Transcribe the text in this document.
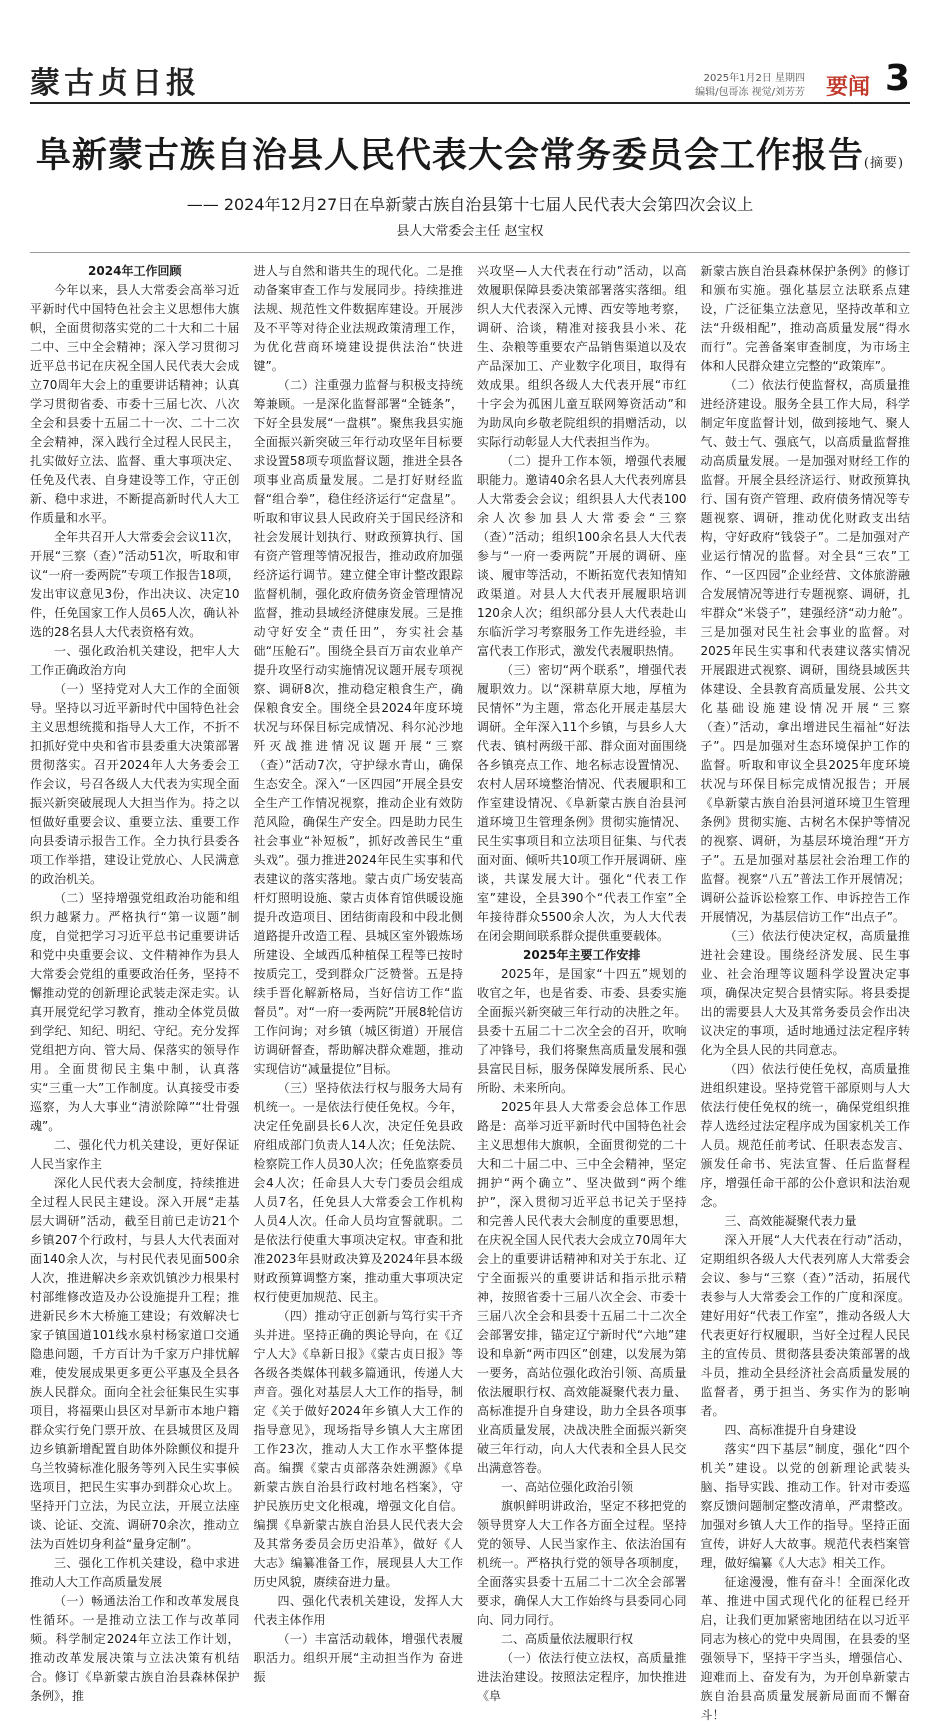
蒙古贞日报	2025年1月2日 星期四
编辑/包哥冻 视觉/刘芳芳 要闻 3
阜新蒙古族自治县人民代表大会常务委员会工作报告(摘要)
—— 2024年12月27日在阜新蒙古族自治县第十七届人民代表大会第四次会议上
县人大常委会主任 赵宝权
2024年工作回顾

今年以来，县人大常委会高举习近平新时代中国特色社会主义思想伟大旗帜，全面贯彻落实党的二十大和二十届二中、三中全会精神；深入学习贯彻习近平总书记在庆祝全国人民代表大会成立70周年大会上的重要讲话精神；认真学习贯彻省委、市委十三届七次、八次全会和县委十五届二十一次、二十二次全会精神，深入践行全过程人民民主，扎实做好立法、监督、重大事项决定、任免及代表、自身建设等工作，守正创新、稳中求进，不断提高新时代人大工作质量和水平。

全年共召开人大常委会会议11次，开展“三察（查）”活动51次，听取和审议“一府一委两院”专项工作报告18项，发出审议意见3份，作出决议、决定10件，任免国家工作人员65人次，确认补选的28名县人大代表资格有效。

一、强化政治机关建设，把牢人大工作正确政治方向

（一）坚持党对人大工作的全面领导。坚持以习近平新时代中国特色社会主义思想统揽和指导人大工作，不折不扣抓好党中央和省市县委重大决策部署贯彻落实。召开2024年人大务委会工作会议，号召各级人大代表为实现全面振兴新突破展现人大担当作为。持之以恒做好重要会议、重要立法、重要工作向县委请示报告工作。全力执行县委各项工作举措，建设让党放心、人民满意的政治机关。

（二）坚持增强党组政治功能和组织力越紧力。严格执行“第一议题”制度，自觉把学习习近平总书记重要讲话和党中央重要会议、文件精神作为县人大常委会党组的重要政治任务，坚持不懈推动党的创新理论武装走深走实。认真开展党纪学习教育，推动全体党员做到学纪、知纪、明纪、守纪。充分发挥党组把方向、管大局、保落实的领导作用。全面贯彻民主集中制，认真落实“三重一大”工作制度。认真接受市委巡察，为人大事业“清淤除障”“壮骨强魂”。

二、强化代力机关建设，更好保证人民当家作主

深化人民代表大会制度，持续推进全过程人民民主建设。深入开展“走基层大调研”活动，截至目前已走访21个乡镇207个行政村，与县人大代表面对面140余人次，与村民代表见面500余人次，推进解决乡亲欢饥镇沙力根果村村部维修改造及办公设施提升工程；推进新民乡木大桥施工建设；有效解决七家子镇国道101线水泉村杨家道口交通隐患问题，千方百计为千家万户排忧解难，使发展成果更多更公平惠及全县各族人民群众。面向全社会征集民生实事项目，将福栗山县区对旱新市本地户籍群众实行免门票开放、在县城贯区及周边乡镇新增配置自助体外除颤仪和提升乌兰牧骑标准化服务等列入民生实事候选项目，把民生实事办到群众心坎上。坚持开门立法，为民立法，开展立法座谈、论证、交流、调研70余次，推动立法为百姓切身利益“量身定制”。

三、强化工作机关建设，稳中求进推动人大工作高质量发展

（一）畅通法治工作和改革发展良性循环。一是推动立法工作与改革同频。科学制定2024年立法工作计划，推动改革发展决策与立法决策有机结合。修订《阜新蒙古族自治县森林保护条例》，推

进人与自然和谐共生的现代化。二是推动备案审查工作与发展同步。持续推进法规、规范性文件数据库建设。开展涉及不平等对待企业法规政策清理工作，为优化营商环境建设提供法治“快进键”。

（二）注重强力监督与积极支持统筹兼顾。一是深化监督部署“全链条”，下好全县发展“一盘棋”。聚焦我县实施全面振兴新突破三年行动攻坚年目标要求设置58项专项监督议题，推进全县各项事业高质量发展。二是打好财经监督“组合拳”，稳住经济运行“定盘星”。听取和审议县人民政府关于国民经济和社会发展计划执行、财政预算执行、国有资产管理等情况报告，推动政府加强经济运行调节。建立健全审计整改跟踪监督机制，强化政府债务资金管理情况监督，推动县域经济健康发展。三是推动守好安全“责任田”，夯实社会基础“压舱石”。围绕全县百万亩农业单产提升攻坚行动实施情况议题开展专项视察、调研8次，推动稳定粮食生产，确保粮食安全。围绕全县2024年度环境状况与环保目标完成情况、科尔沁沙地歼灭战推进情况议题开展“三察（查）”活动7次，守护绿水青山，确保生态安全。深入“一区四园”开展全县安全生产工作情况视察，推动企业有效防范风险，确保生产安全。四是助力民生社会事业“补短板”，抓好改善民生“重头戏”。强力推进2024年民生实事和代表建议的落实落地。蒙古贞广场安装高杆灯照明设施、蒙古贞体育馆供暖设施提升改造项目、团结街南段和中段北侧道路提升改造工程、县城区室外锻炼场所建设、全域西瓜种植保工程等已按时按质完工，受到群众广泛赞誉。五是持续手晋化解新格局，当好信访工作“监督员”。对“一府一委两院”开展8轮信访工作问询；对乡镇（城区街道）开展信访调研督查，帮助解决群众难题，推动实现信访“减量提位”目标。

（三）坚持依法行权与服务大局有机统一。一是依法行使任免权。今年，决定任免副县长6人次，决定任免县政府组成部门负责人14人次；任免法院、检察院工作人员30人次；任免监察委员会4人次；任命县人大专门委员会组成人员7名，任免县人大常委会工作机构人员4人次。任命人员均宣誓就职。二是依法行使重大事项决定权。审查和批准2023年县财政决算及2024年县本级财政预算调整方案，推动重大事项决定权行使更加规范、民主。

（四）推动守正创新与笃行实干齐头并进。坚持正确的舆论导向，在《辽宁人大》《阜新日报》《蒙古贞日报》等各级各类媒体刊载多篇通讯，传递人大声音。强化对基层人大工作的指导，制定《关于做好2024年乡镇人大工作的指导意见》，现场指导乡镇人大主席团工作23次，推动人大工作水平整体提高。编撰《蒙古贞部落杂姓溯源》《阜新蒙古族自治县行政村地名档案》，守护民族历史文化根魂，增强文化自信。编撰《阜新蒙古族自治县人民代表大会及其常务委员会历史沿革》，做好《人大志》编纂准备工作，展现县人大工作历史风貌，赓续奋进力量。

四、强化代表机关建设，发挥人大代表主体作用

（一）丰富活动载体，增强代表履职活力。组织开展“主动担当作为 奋进振

兴攻坚—人大代表在行动”活动，以高效履职保障县委决策部署落实落细。组织人大代表深入元博、西安等地考察，调研、洽谈，精准对接我县小米、花生、杂粮等重要农产品销售渠道以及农产品深加工、产业数字化项目，取得有效成果。组织各级人大代表开展“市红十字会为孤困儿童互联网筹资活动”和为助凤向乡敬老院组织的捐赠活动，以实际行动彰显人大代表担当作为。

（二）提升工作本领，增强代表履职能力。邀请40余名县人大代表列席县人大常委会会议；组织县人大代表100余人次参加县人大常委会“三察（查）”活动；组织100余名县人大代表参与“一府一委两院”开展的调研、座谈、履审等活动，不断拓宽代表知情知政渠道。对县人大代表开展履职培训120余人次；组织部分县人大代表赴山东临沂学习考察服务工作先进经验，丰富代表工作形式，激发代表履职热情。

（三）密切“两个联系”，增强代表履职效力。以“深耕草原大地，厚植为民情怀”为主题，常态化开展走基层大调研。全年深入11个乡镇，与县乡人大代表、镇村两级干部、群众面对面围绕各乡镇亮点工作、地名标志设置情况、农村人居环境整治情况、代表履职和工作室建设情况、《阜新蒙古族自治县河道环境卫生管理条例》贯彻实施情况、民生实事项目和立法项目征集、与代表面对面、倾听共10项工作开展调研、座谈，共谋发展大计。强化“代表工作室”建设，全县390个“代表工作室”全年接待群众5500余人次，为人大代表在闭会期间联系群众提供重要载体。

2025年主要工作安排

2025年，是国家“十四五”规划的收官之年，也是省委、市委、县委实施全面振兴新突破三年行动的决胜之年。县委十五届二十二次全会的召开，吹响了冲锋号，我们将聚焦高质量发展和强县富民目标，服务保障发展所系、民心所盼、未来所向。

2025年县人大常委会总体工作思路是：高举习近平新时代中国特色社会主义思想伟大旗帜，全面贯彻党的二十大和二十届二中、三中全会精神，坚定拥护“两个确立”、坚决做到“两个维护”，深入贯彻习近平总书记关于坚持和完善人民代表大会制度的重要思想，在庆祝全国人民代表大会成立70周年大会上的重要讲话精神和对关于东北、辽宁全面振兴的重要讲话和指示批示精神，按照省委十三届八次全会、市委十三届八次全会和县委十五届二十二次全会部署安排，锚定辽宁新时代“六地”建设和阜新“两市四区”创建，以发展为第一要务，高站位强化政治引领、高质量依法履职行权、高效能凝聚代表力量、高标准提升自身建设，助力全县各项事业高质量发展，决战决胜全面振兴新突破三年行动，向人大代表和全县人民交出满意答卷。

一、高站位强化政治引领

旗帜鲜明讲政治，坚定不移把党的领导贯穿人大工作各方面全过程。坚持党的领导、人民当家作主、依法治国有机统一。严格执行党的领导各项制度，全面落实县委十五届二十二次全会部署要求，确保人大工作始终与县委同心同向、同力同行。

二、高质量依法履职行权

（一）依法行使立法权，高质量推进法治建设。按照法定程序，加快推进《阜

新蒙古族自治县森林保护条例》的修订和颁布实施。强化基层立法联系点建设，广泛征集立法意见，坚持改革和立法“升级相配”，推动高质量发展“得水而行”。完善备案审查制度，为市场主体和人民群众建立完整的“政策库”。

（二）依法行使监督权，高质量推进经济建设。服务全县工作大局，科学制定年度监督计划，做到接地气、聚人气、鼓士气、强底气，以高质量监督推动高质量发展。一是加强对财经工作的监督。开展全县经济运行、财政预算执行、国有资产管理、政府债务情况等专题视察、调研，推动优化财政支出结构，守好政府“钱袋子”。二是加强对产业运行情况的监督。对全县“三农”工作、“一区四园”企业经营、文体旅游融合发展情况等进行专题视察、调研，扎牢群众“米袋子”，建强经济“动力舱”。三是加强对民生社会事业的监督。对2025年民生实事和代表建议落实情况开展跟进式视察、调研，围绕县域医共体建设、全县教育高质量发展、公共文化基础设施建设情况开展“三察（查）”活动，拿出增进民生福祉“好法子”。四是加强对生态环境保护工作的监督。听取和审议全县2025年度环境状况与环保目标完成情况报告；开展《阜新蒙古族自治县河道环境卫生管理条例》贯彻实施、古树名木保护等情况的视察、调研，为基层环境治理“开方子”。五是加强对基层社会治理工作的监督。视察“八五”普法工作开展情况；调研公益诉讼检察工作、申诉控告工作开展情况，为基层信访工作“出点子”。

（三）依法行使决定权，高质量推进社会建设。围绕经济发展、民生事业、社会治理等议题科学设置决定事项，确保决定契合县情实际。将县委提出的需要县人大及其常务委员会作出决议决定的事项，适时地通过法定程序转化为全县人民的共同意志。

（四）依法行使任免权，高质量推进组织建设。坚持党管干部原则与人大依法行使任免权的统一，确保党组织推荐人选经过法定程序成为国家机关工作人员。规范任前考试、任职表态发言、颁发任命书、宪法宣誓、任后监督程序，增强任命干部的公仆意识和法治观念。

三、高效能凝聚代表力量

深入开展“人大代表在行动”活动，定期组织各级人大代表列席人大常委会会议、参与“三察（查）”活动，拓展代表参与人大常委会工作的广度和深度。建好用好“代表工作室”，推动各级人大代表更好行权履职，当好全过程人民民主的宣传员、贯彻落县委决策部署的战斗员，推动全县经济社会高质量发展的监督者，勇于担当、务实作为的影响者。

四、高标准提升自身建设

落实“四下基层”制度，强化“四个机关”建设。以党的创新理论武装头脑、指导实践、推动工作。针对市委巡察反馈问题制定整改清单，严肃整改。加强对乡镇人大工作的指导。坚持正面宣传，讲好人大故事。规范代表档案管理，做好编纂《人大志》相关工作。

征途漫漫，惟有奋斗！全面深化改革、推进中国式现代化的征程已经开启，让我们更加紧密地团结在以习近平同志为核心的党中央周围，在县委的坚强领导下，坚持干字当头，增强信心、迎难而上、奋发有为，为开创阜新蒙古族自治县高质量发展新局面而不懈奋斗！
